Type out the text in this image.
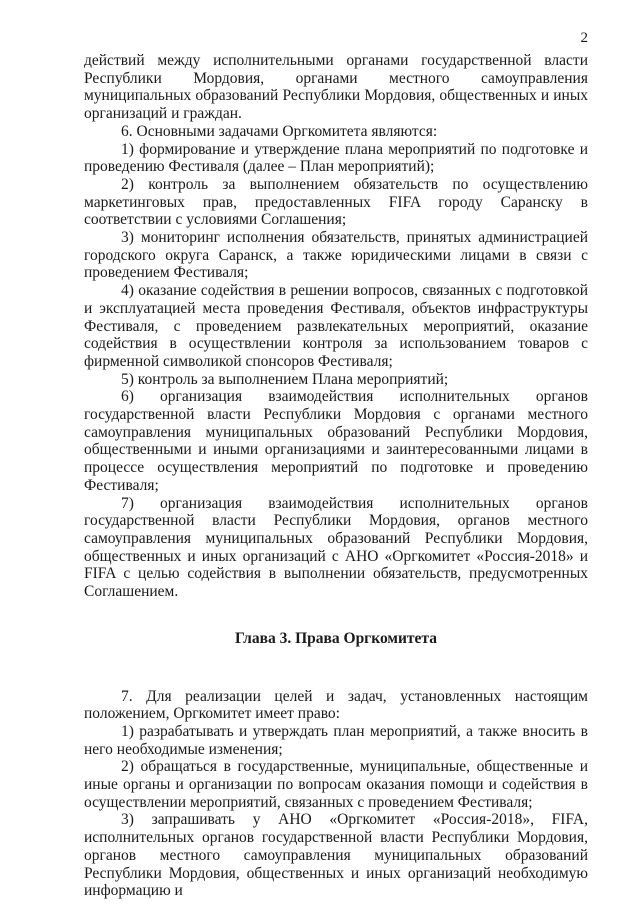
2

действий между исполнительными органами государственной власти Республики Мордовия, органами местного самоуправления муниципальных образований Республики Мордовия, общественных и иных организаций и граждан.

6. Основными задачами Оргкомитета являются:

1) формирование и утверждение плана мероприятий по подготовке и проведению Фестиваля (далее – План мероприятий);

2) контроль за выполнением обязательств по осуществлению маркетинговых прав, предоставленных FIFA городу Саранску в соответствии с условиями Соглашения;

3) мониторинг исполнения обязательств, принятых администрацией городского округа Саранск, а также юридическими лицами в связи с проведением Фестиваля;

4) оказание содействия в решении вопросов, связанных с подготовкой и эксплуатацией места проведения Фестиваля, объектов инфраструктуры Фестиваля, с проведением развлекательных мероприятий, оказание содействия в осуществлении контроля за использованием товаров с фирменной символикой спонсоров Фестиваля;

5) контроль за выполнением Плана мероприятий;

6) организация взаимодействия исполнительных органов государственной власти Республики Мордовия с органами местного самоуправления муниципальных образований Республики Мордовия, общественными и иными организациями и заинтересованными лицами в процессе осуществления мероприятий по подготовке и проведению Фестиваля;

7) организация взаимодействия исполнительных органов государственной власти Республики Мордовия, органов местного самоуправления муниципальных образований Республики Мордовия, общественных и иных организаций с АНО «Оргкомитет «Россия-2018» и FIFA с целью содействия в выполнении обязательств, предусмотренных Соглашением.

Глава 3. Права Оргкомитета

7. Для реализации целей и задач, установленных настоящим положением, Оргкомитет имеет право:

1) разрабатывать и утверждать план мероприятий, а также вносить в него необходимые изменения;

2) обращаться в государственные, муниципальные, общественные и иные органы и организации по вопросам оказания помощи и содействия в осуществлении мероприятий, связанных с проведением Фестиваля;

3) запрашивать у АНО «Оргкомитет «Россия-2018», FIFA, исполнительных органов государственной власти Республики Мордовия, органов местного самоуправления муниципальных образований Республики Мордовия, общественных и иных организаций необходимую информацию и
